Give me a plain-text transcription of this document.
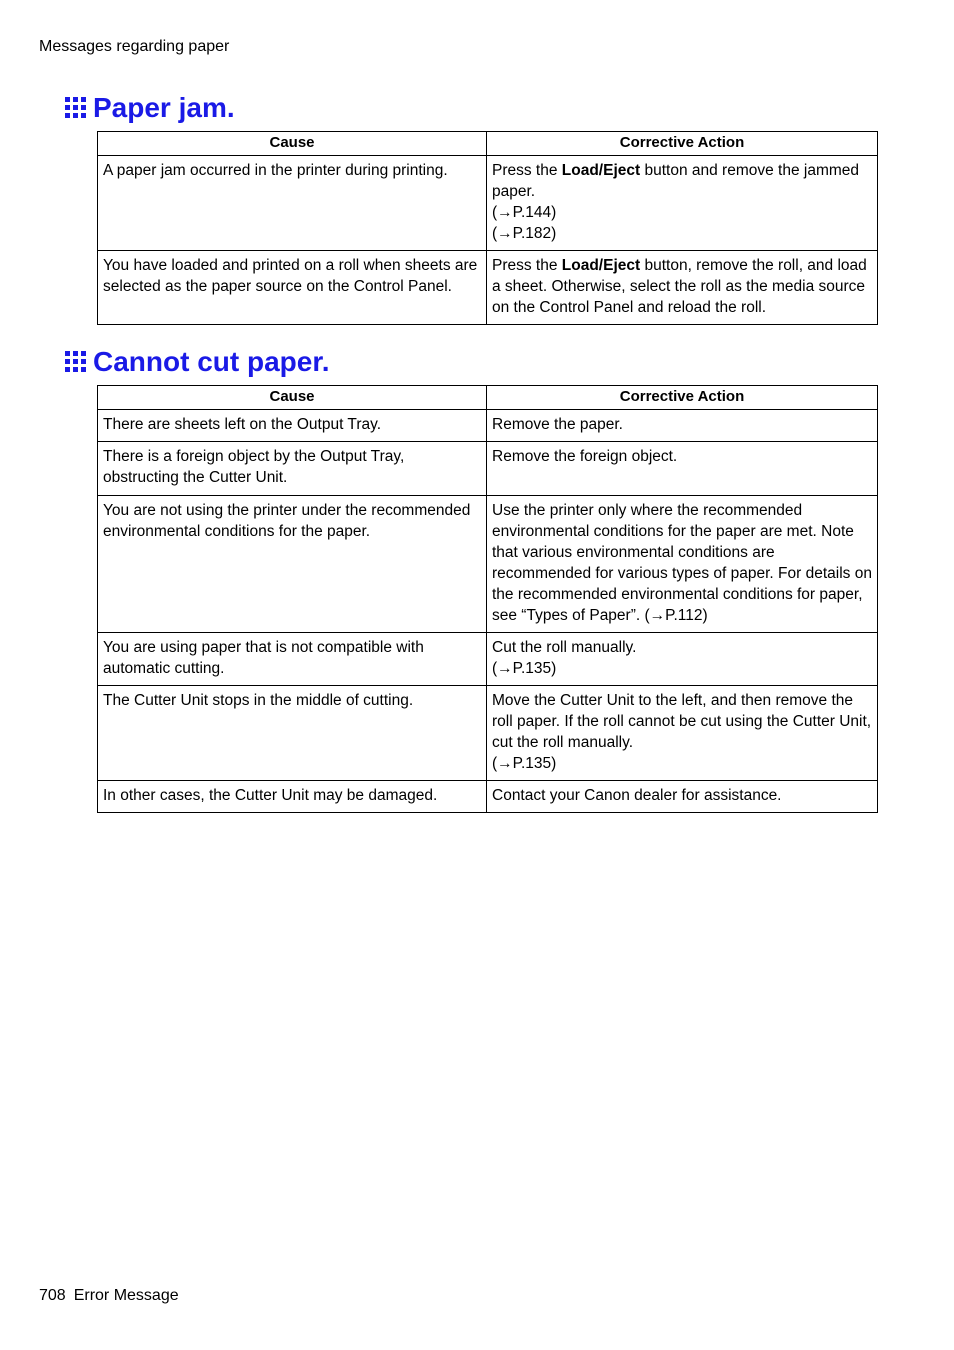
Messages regarding paper
Paper jam.
Cause	Corrective Action
A paper jam occurred in the printer during printing.	Press the Load/Eject button and remove the jammed paper.
(→P.144)
(→P.182)

You have loaded and printed on a roll when sheets are selected as the paper source on the Control Panel.	Press the Load/Eject button, remove the roll, and load a sheet. Otherwise, select the roll as the media source on the Control Panel and reload the roll.
Cannot cut paper.
Cause	Corrective Action
There are sheets left on the Output Tray.	Remove the paper.
There is a foreign object by the Output Tray, obstructing the Cutter Unit.	Remove the foreign object.
You are not using the printer under the recommended environmental conditions for the paper.	Use the printer only where the recommended environmental conditions for the paper are met. Note that various environmental conditions are recommended for various types of paper. For details on the recommended environmental conditions for paper, see “Types of Paper”. (→P.112)
You are using paper that is not compatible with automatic cutting.	Cut the roll manually.
(→P.135)

The Cutter Unit stops in the middle of cutting.	Move the Cutter Unit to the left, and then remove the roll paper. If the roll cannot be cut using the Cutter Unit, cut the roll manually.
(→P.135)

In other cases, the Cutter Unit may be damaged.	Contact your Canon dealer for assistance.
708 Error Message
